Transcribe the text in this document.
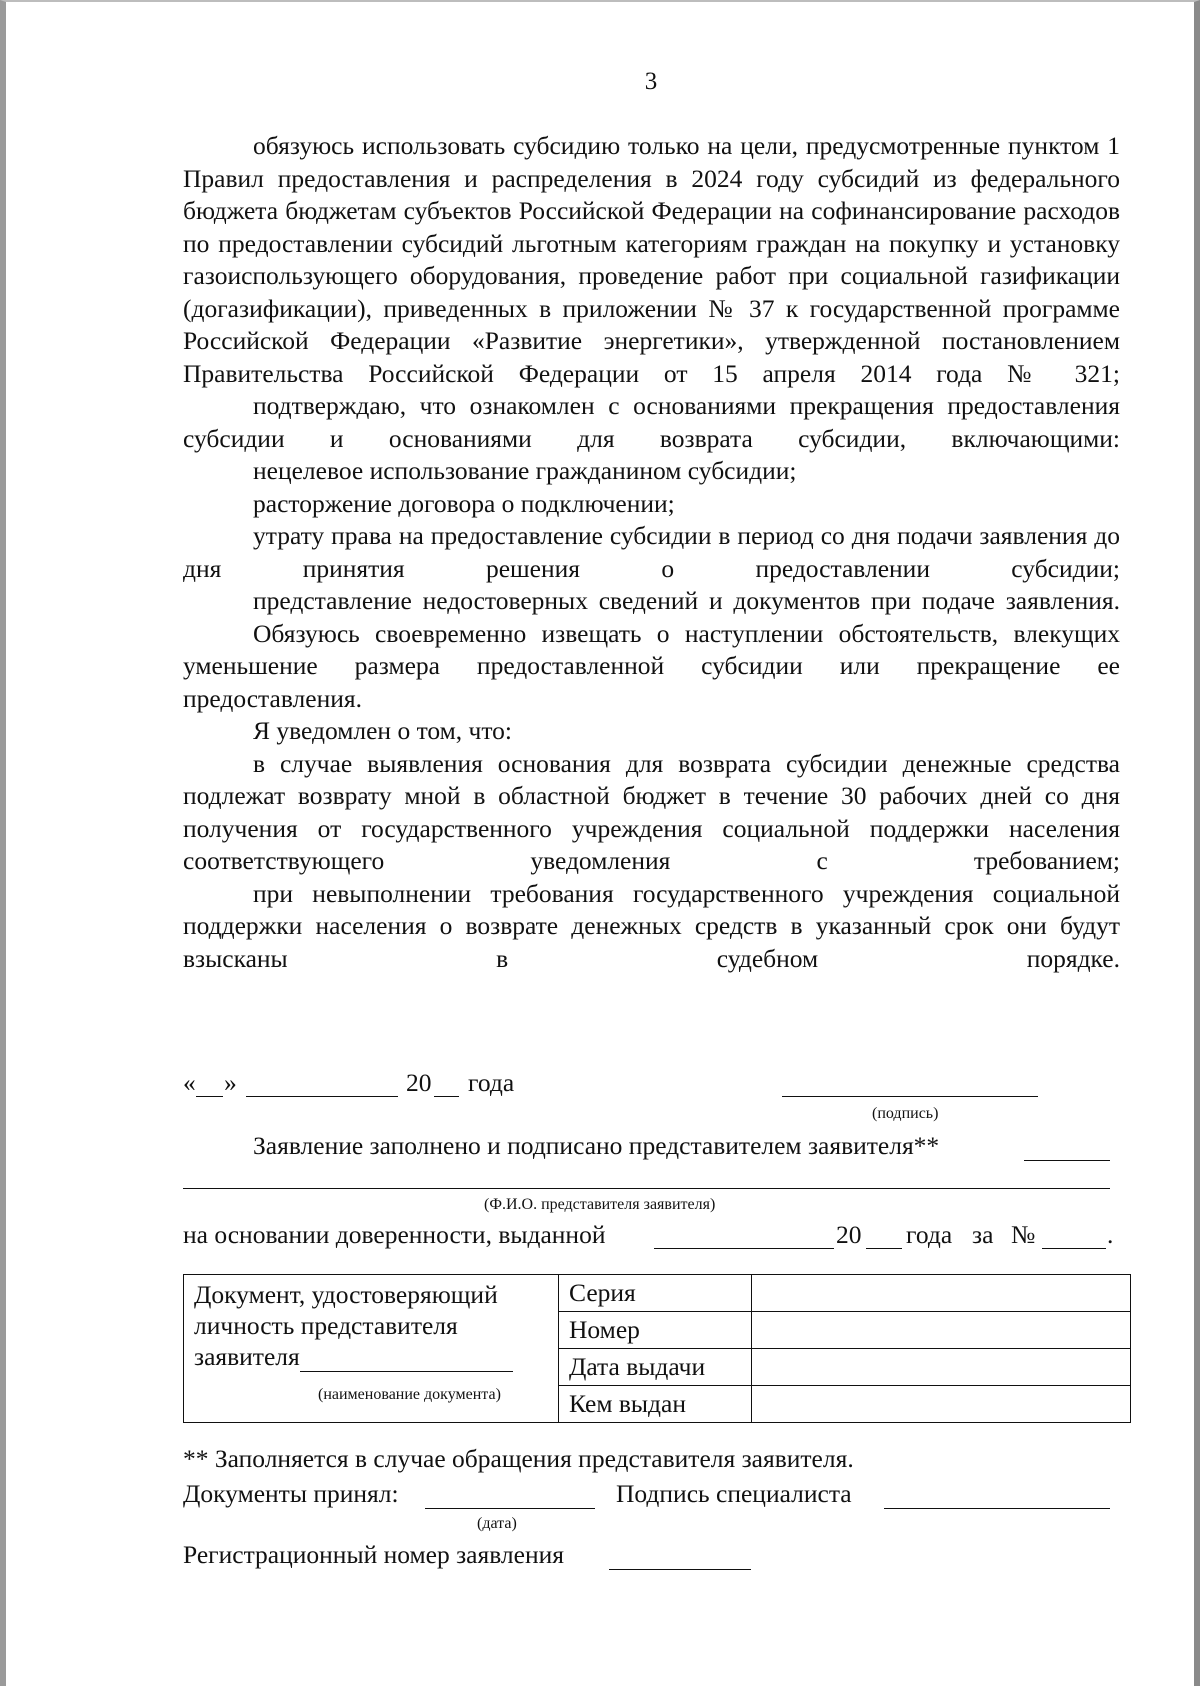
3

обязуюсь использовать субсидию только на цели, предусмотренные пунктом 1 Правил предоставления и распределения в 2024 году субсидий из федерального бюджета бюджетам субъектов Российской Федерации на софинансирование расходов по предоставлении субсидий льготным категориям граждан на покупку и установку газоиспользующего оборудования, проведение работ при социальной газификации (догазификации), приведенных в приложении № 37 к государственной программе Российской Федерации «Развитие энергетики», утвержденной постановлением Правительства Российской Федерации от 15 апреля 2014 года № 321;

подтверждаю, что ознакомлен с основаниями прекращения предоставления субсидии и основаниями для возврата субсидии, включающими:

нецелевое использование гражданином субсидии;

расторжение договора о подключении;

утрату права на предоставление субсидии в период со дня подачи заявления до дня принятия решения о предоставлении субсидии;

представление недостоверных сведений и документов при подаче заявления.

Обязуюсь своевременно извещать о наступлении обстоятельств, влекущих уменьшение размера предоставленной субсидии или прекращение ее предоставления.

Я уведомлен о том, что:

в случае выявления основания для возврата субсидии денежные средства подлежат возврату мной в областной бюджет в течение 30 рабочих дней со дня получения от государственного учреждения социальной поддержки населения соответствующего уведомления с требованием;

при невыполнении требования государственного учреждения социальной поддержки населения о возврате денежных средств в указанный срок они будут взысканы в судебном порядке.

« »	20 года
(подпись)
Заявление заполнено и подписано представителем заявителя**
(Ф.И.О. представителя заявителя)
на основании доверенности, выданной	20 года за №	.
Документ, удостоверяющий
личность представителя
заявителя
(наименование документа)	Серия	
	Номер	
	Дата выдачи	
	Кем выдан	
** Заполняется в случае обращения представителя заявителя.
Документы принял:
(дата)
Подпись специалиста
Регистрационный номер заявления
